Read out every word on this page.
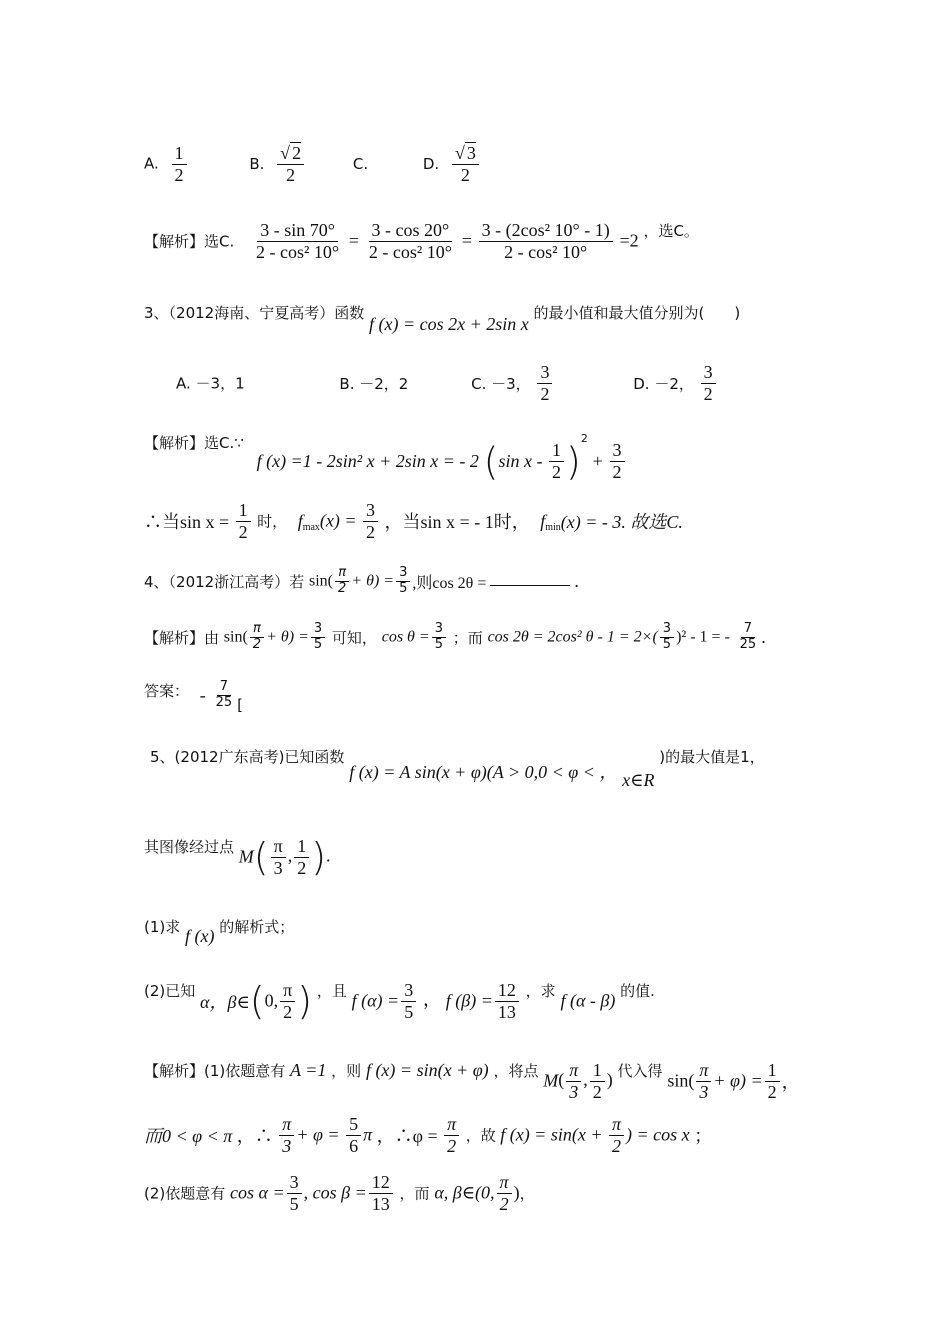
A. $\frac{1}{2}$	B. $\frac{√ 2}{2}$	C.	D. $\frac{√ 3}{2}$
【解析】选C. $\frac{3 - \sin 70^\circ}{\text{2 - cos² 10°}} = \frac{3 - \cos 20^\circ}{\text{2 - cos² 10°}} = \frac{\text{3 - (2cos² 10° - 1)}}{\text{2 - cos² 10°}} =2$ ，选C。
3、（2012海南、宁夏高考）函数 f (x) = cos 2x + 2sin x 的最小值和最大值分别为(　　)
A. －3，1	B. －2，2	C. －3， $\frac{3}{2}$	D. －2， $\frac{3}{2}$
【解析】选C.∵ f (x) =1 - 2sin² x + 2sin x = - 2 (sin $x - \frac{1}{2} )^2 + \frac{3}{2}$
∴当$\sin x = \frac{1}{2}$ 时， $f_{max}(x) = \frac{3}{2}$ ，当sin x = - 1时， $f_{min}(x)$ = - 3. 故选C.
4、（2012浙江高考）若 $\sin( \frac{\pi}{2} + \theta) = \frac{3}{5}$ ,则cos 2θ =	.
【解析】由 $\sin( \frac{\pi}{2} + \theta) = \frac{3}{5}$ 可知， $\cos \theta = \frac{3}{5}$ ；而 cos 2θ = 2cos² $\theta - 1 = 2\times( \frac{3}{5} )^2 - 1$ = - $\frac{7}{25}$ .
答案： - $\frac{7}{25}$ [
5、(2012广东高考)已知函数 f (x) = A sin(x + φ)(A > 0,0 < φ < ， x∈R )的最大值是1，
其图像经过点 $M( \frac{\pi}{3}$ , $\frac{1}{2}$ ).
(1)求 f (x) 的解析式；
(2)已知 α，β∈(0, $\frac{\pi}{2}$ ) ，且 f $(\alpha) = \frac{3}{5}$ ， f $(\beta) = \frac{12}{13}$ ，求 f (α - β) 的值.
【解析】(1)依题意有 A =1 ，则 f (x) = sin(x + φ) ，将点 $M( \frac{\pi}{3}$ , $\frac{1}{2}$ ) 代入得 $\sin( \frac{\pi}{3} + \varphi) = \frac{1}{2}$ ，
而0 < φ < π ，∴ $\frac{\pi}{3} + \varphi = \frac{5}{6}$ π ，∴φ = $\frac{\pi}{2}$ ，故 f $(x) = \sin(x + \frac{\pi}{2}$ ) = cos x ；
(2)依题意有 $\cos \alpha = \frac{3}{5}$ , $\cos \beta = \frac{12}{13}$ ，而 α, β∈(0, $\frac{\pi}{2}$ )，
